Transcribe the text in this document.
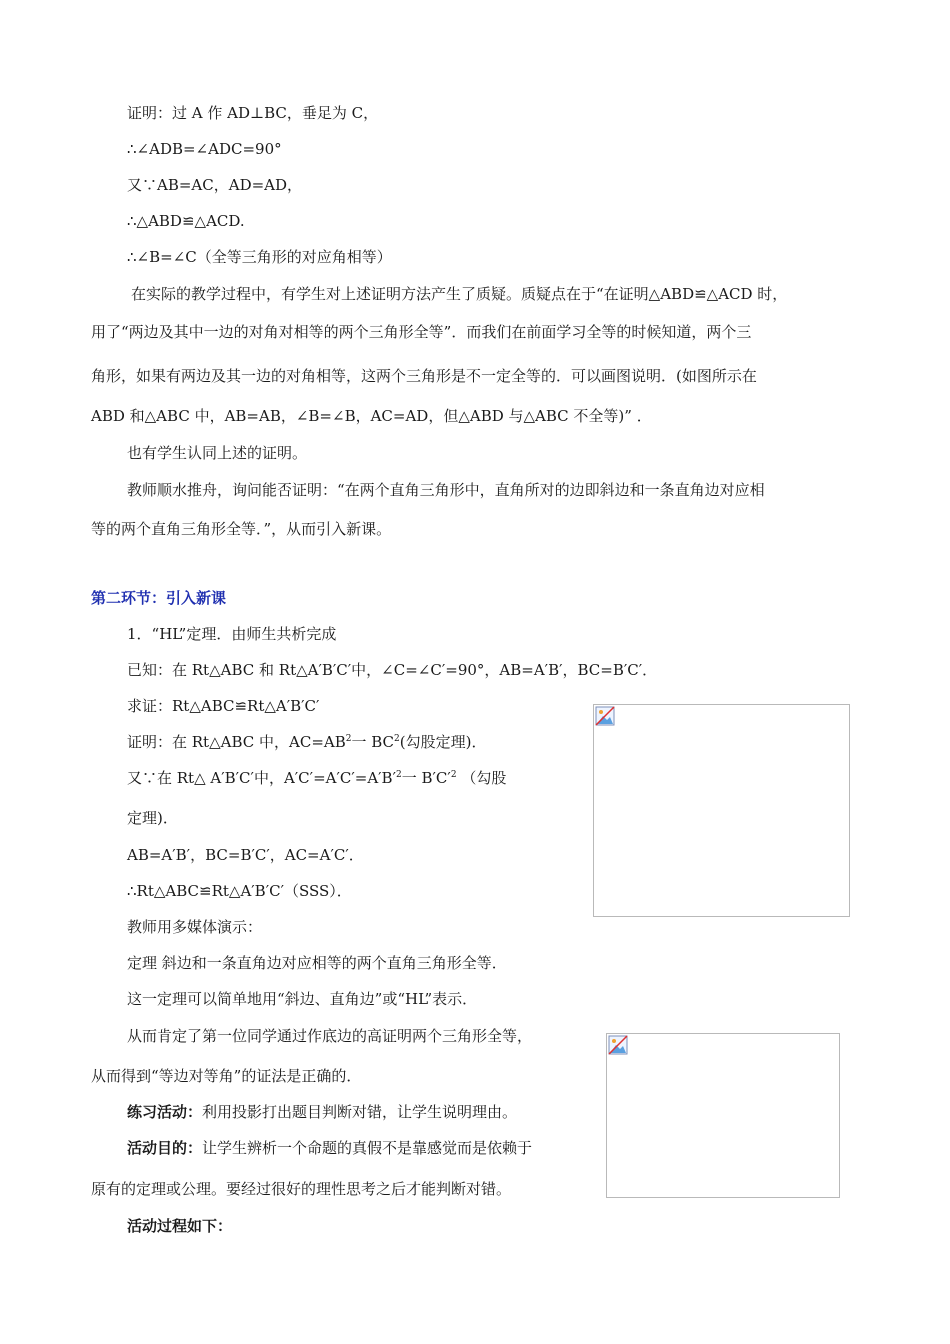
证明：过 A 作 AD⊥BC，垂足为 C，
∴∠ADB=∠ADC=90°
又∵AB=AC，AD=AD，
∴△ABD≌△ACD.
∴∠B=∠C（全等三角形的对应角相等）
在实际的教学过程中，有学生对上述证明方法产生了质疑。质疑点在于“在证明△ABD≌△ACD 时，
用了“两边及其中一边的对角对相等的两个三角形全等”．而我们在前面学习全等的时候知道，两个三
角形，如果有两边及其一边的对角相等，这两个三角形是不一定全等的．可以画图说明．(如图所示在
ABD 和△ABC 中，AB=AB，∠B=∠B，AC=AD，但△ABD 与△ABC 不全等)” ．
也有学生认同上述的证明。
教师顺水推舟，询问能否证明：“在两个直角三角形中，直角所对的边即斜边和一条直角边对应相
等的两个直角三角形全等．”，从而引入新课。
第二环节：引入新课
1．“HL”定理．由师生共析完成
已知：在 Rt△ABC 和 Rt△A′B′C′中，∠C=∠C′=90°，AB=A′B′，BC=B′C′．
求证：Rt△ABC≌Rt△A′B′C′
证明：在 Rt△ABC 中，$AC=AB^2$一 $BC^2$(勾股定理)．
又∵在 Rt△ A′B′C′中，$A'C'=A'C'=A'B'^2$一 $B'C'^2$ （勾股
定理)．
AB=A′B′，BC=B′C′，AC=A′C′．
∴Rt△ABC≌Rt△A′B′C′（SSS）．
教师用多媒体演示：
定理 斜边和一条直角边对应相等的两个直角三角形全等．
这一定理可以简单地用“斜边、直角边”或“HL”表示．
从而肯定了第一位同学通过作底边的高证明两个三角形全等，
从而得到“等边对等角”的证法是正确的．
练习活动：利用投影打出题目判断对错，让学生说明理由。
活动目的：让学生辨析一个命题的真假不是靠感觉而是依赖于
原有的定理或公理。要经过很好的理性思考之后才能判断对错。
活动过程如下：
